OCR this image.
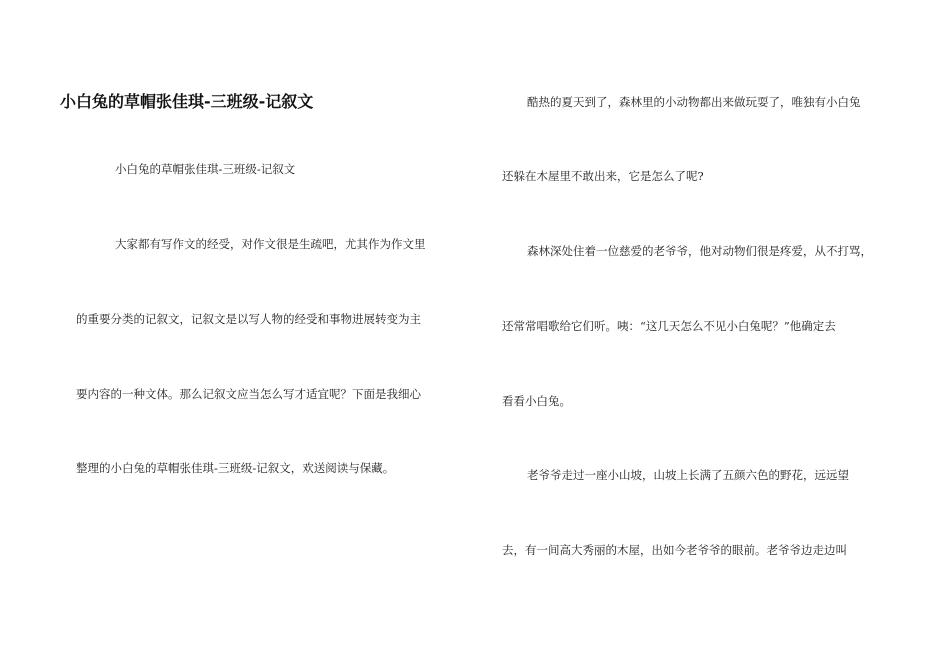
小白兔的草帽张佳琪-三班级-记叙文

小白兔的草帽张佳琪-三班级-记叙文

大家都有写作文的经受，对作文很是生疏吧，尤其作为作文里

的重要分类的记叙文，记叙文是以写人物的经受和事物进展转变为主

要内容的一种文体。那么记叙文应当怎么写才适宜呢？下面是我细心

整理的小白兔的草帽张佳琪-三班级-记叙文，欢送阅读与保藏。

酷热的夏天到了，森林里的小动物都出来做玩耍了，唯独有小白兔

还躲在木屋里不敢出来，它是怎么了呢?

森林深处住着一位慈爱的老爷爷，他对动物们很是疼爱，从不打骂，

还常常唱歌给它们听。咦：“这几天怎么不见小白兔呢？”他确定去

看看小白兔。

老爷爷走过一座小山坡，山坡上长满了五颜六色的野花，远远望

去，有一间高大秀丽的木屋，出如今老爷爷的眼前。老爷爷边走边叫
